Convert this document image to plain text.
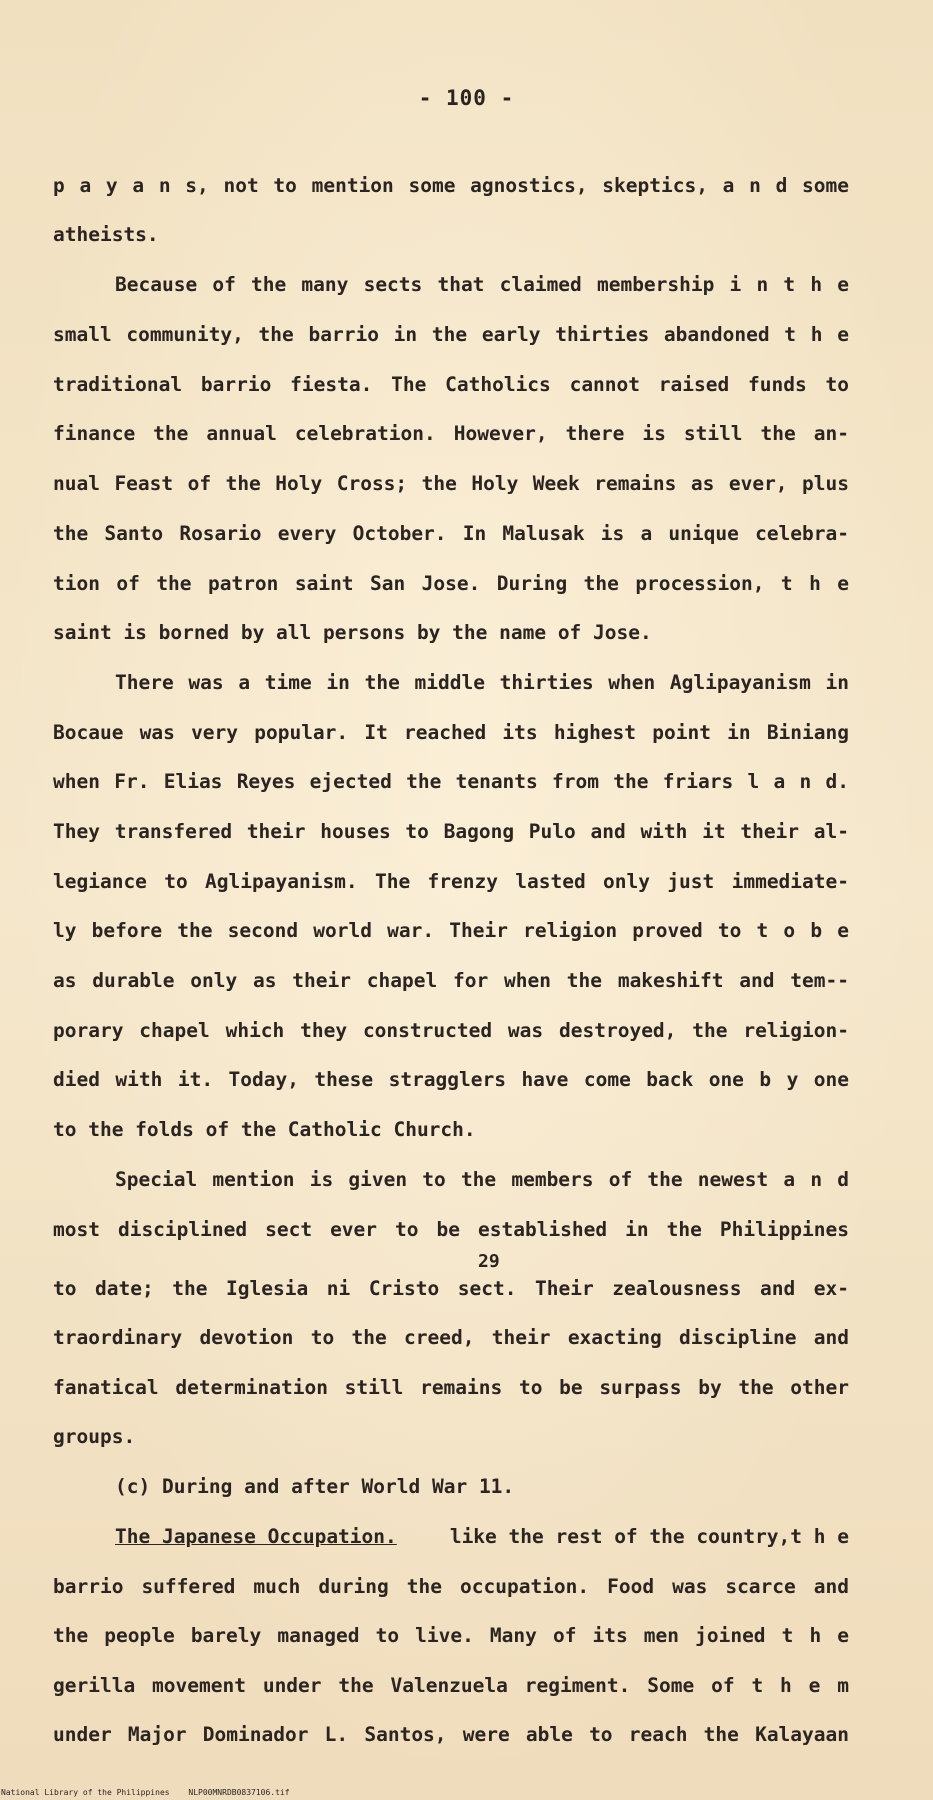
- 100 -
p a y a n s, not to mention some agnostics, skeptics, a n d some
atheists.
Because of the many sects that claimed membership i n t h e
small community, the barrio in the early thirties abandoned t h e
traditional barrio fiesta. The Catholics cannot raised funds to
finance the annual celebration. However, there is still the an-
nual Feast of the Holy Cross; the Holy Week remains as ever, plus
the Santo Rosario every October. In Malusak is a unique celebra-
tion of the patron saint San Jose. During the procession, t h e
saint is borned by all persons by the name of Jose.
There was a time in the middle thirties when Aglipayanism in
Bocaue was very popular. It reached its highest point in Biniang
when Fr. Elias Reyes ejected the tenants from the friars l a n d.
They transfered their houses to Bagong Pulo and with it their al-
legiance to Aglipayanism. The frenzy lasted only just immediate-
ly before the second world war. Their religion proved to t o b e
as durable only as their chapel for when the makeshift and tem--
porary chapel which they constructed was destroyed, the religion-
died with it. Today, these stragglers have come back one b y one
to the folds of the Catholic Church.
Special mention is given to the members of the newest a n d
most disciplined sect ever to be established in the Philippines
29
to date; the Iglesia ni Cristo sect. Their zealousness and ex-
traordinary devotion to the creed, their exacting discipline and
fanatical determination still remains to be surpass by the other
groups.
(c) During and after World War 11.
The Japanese Occupation.	like the rest of the country,t h e
barrio suffered much during the occupation. Food was scarce and
the people barely managed to live. Many of its men joined t h e
gerilla movement under the Valenzuela regiment. Some of t h e m
under Major Dominador L. Santos, were able to reach the Kalayaan
National Library of the Philippines NLP00MNRDB0837106.tif
